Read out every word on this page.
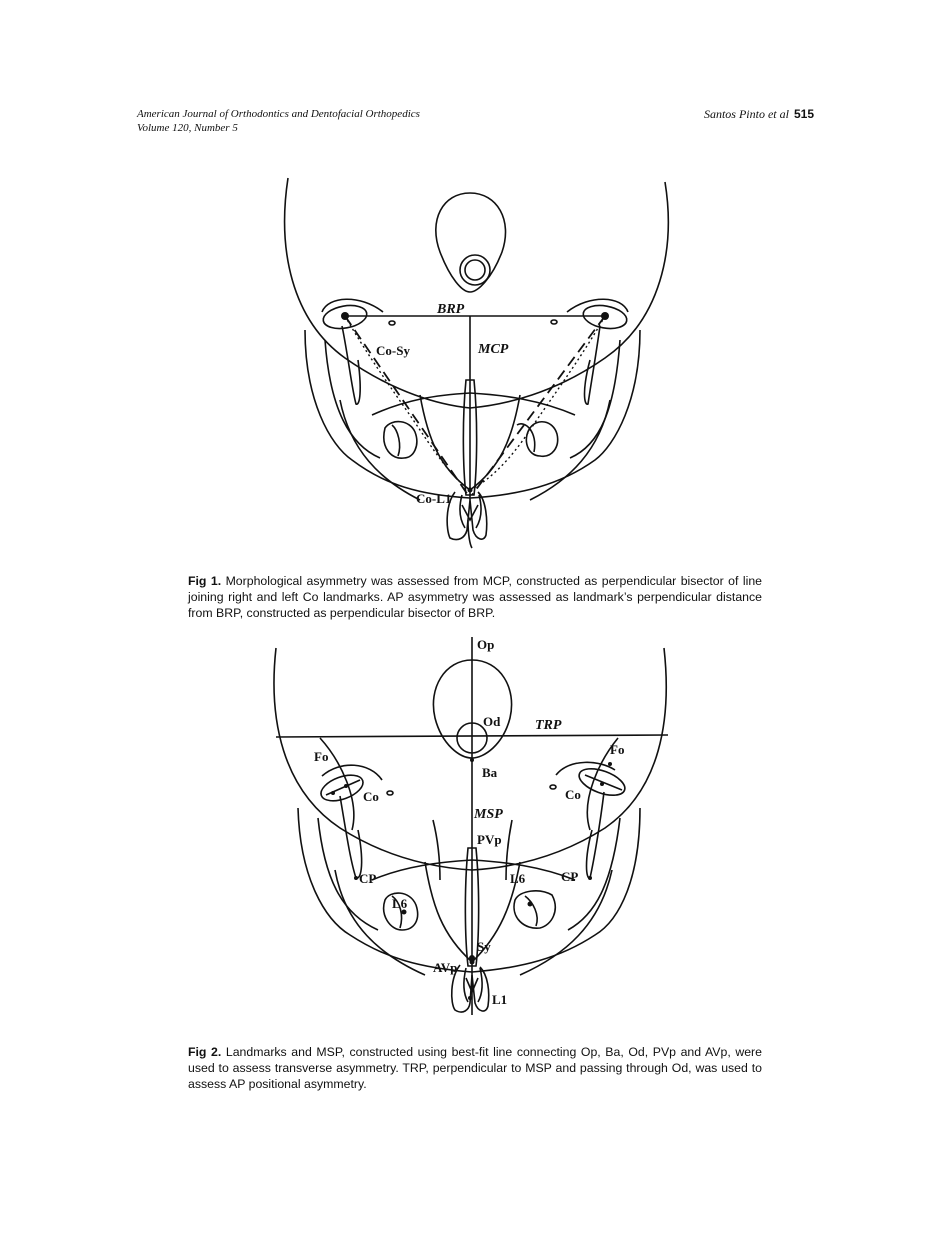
American Journal of Orthodontics and Dentofacial Orthopedics
Volume 120, Number 5
Santos Pinto et al 515
BRP
MCP
Co-Sy
Co-L1
Fig 1. Morphological asymmetry was assessed from MCP, constructed as perpendicular bisector of line joining right and left Co landmarks. AP asymmetry was assessed as landmark’s perpendicular distance from BRP, constructed as perpendicular bisector of BRP.
Op
Od TRP
Ba
Fo	Fo
Co	Co
MSP
PVp
CP	CP
L6
L6
Sy
AVp
L1
Fig 2. Landmarks and MSP, constructed using best-fit line connecting Op, Ba, Od, PVp and AVp, were used to assess transverse asymmetry. TRP, perpendicular to MSP and passing through Od, was used to assess AP positional asymmetry.
